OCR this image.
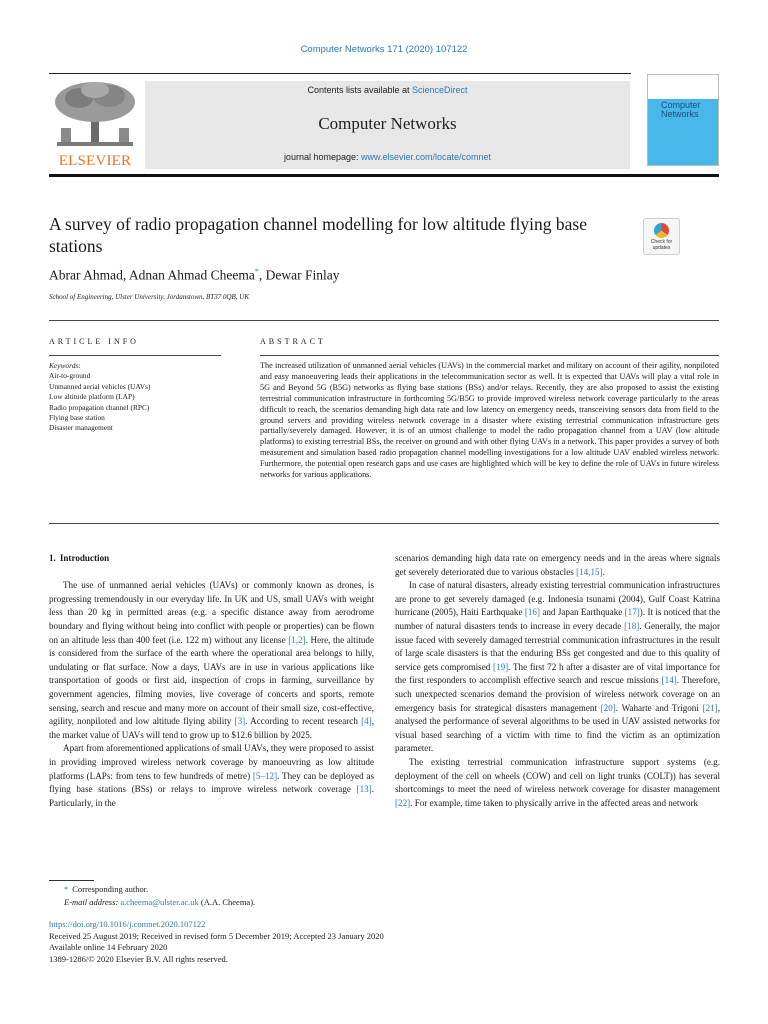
Computer Networks 171 (2020) 107122
ELSEVIER
Contents lists available at ScienceDirect
Computer Networks
journal homepage: www.elsevier.com/locate/comnet
Computer
Networks
A survey of radio propagation channel modelling for low altitude flying base stations	Check for updates
Abrar Ahmad, Adnan Ahmad Cheema*, Dewar Finlay
School of Engineering, Ulster University, Jordanstown, BT37 0QB, UK
ARTICLE INFO	ABSTRACT
Keywords:
Air-to-ground
Unmanned aerial vehicles (UAVs)
Low altitude platform (LAP)
Radio propagation channel (RPC)
Flying base station
Disaster management

The increased utilization of unmanned aerial vehicles (UAVs) in the commercial market and military on account of their agility, nonpiloted and easy manoeuvering leads their applications in the telecommunication sector as well. It is expected that UAVs will play a vital role in 5G and Beyond 5G (B5G) networks as flying base stations (BSs) and/or relays. Recently, they are also proposed to assist the existing terrestrial communication infrastructure in forthcoming 5G/B5G to provide improved wireless network coverage particularly to the areas difficult to reach, the scenarios demanding high data rate and low latency on emergency needs, transceiving sensors data from field to the ground servers and providing wireless network coverage in a disaster where existing terrestrial communication infrastructure gets partially/severely damaged. However, it is of an utmost challenge to model the radio propagation channel from a UAV (low altitude platforms) to existing terrestrial BSs, the receiver on ground and with other flying UAVs in a network. This paper provides a survey of both measurement and simulation based radio propagation channel modelling investigations for a low altitude UAV enabled wireless network. Furthermore, the potential open research gaps and use cases are highlighted which will be key to define the role of UAVs in future wireless networks for various applications.

1. Introduction

The use of unmanned aerial vehicles (UAVs) or commonly known as drones, is progressing tremendously in our everyday life. In UK and US, small UAVs with weight less than 20 kg in permitted areas (e.g. a specific distance away from aerodrome boundary and flying without being into conflict with people or properties) can be flown on an altitude less than 400 feet (i.e. 122 m) without any license [1,2]. Here, the altitude is considered from the surface of the earth where the operational area belongs to hilly, undulating or flat surface. Now a days, UAVs are in use in various applications like transportation of goods or first aid, inspection of crops in farming, surveillance by government agencies, filming movies, live coverage of concerts and sports, remote sensing, search and rescue and many more on account of their small size, cost-effective, agility, nonpiloted and low altitude flying ability [3]. According to recent research [4], the market value of UAVs will tend to grow up to $12.6 billion by 2025.

Apart from aforementioned applications of small UAVs, they were proposed to assist in providing improved wireless network coverage by manoeuvring as low altitude platforms (LAPs: from tens to few hundreds of metre) [5–12]. They can be deployed as flying base stations (BSs) or relays to improve wireless network coverage [13]. Particularly, in the

scenarios demanding high data rate on emergency needs and in the areas where signals get severely deteriorated due to various obstacles [14,15].

In case of natural disasters, already existing terrestrial communication infrastructures are prone to get severely damaged (e.g. Indonesia tsunami (2004), Gulf Coast Katrina hurricane (2005), Haiti Earthquake [16] and Japan Earthquake [17]). It is noticed that the number of natural disasters tends to increase in every decade [18]. Generally, the major issue faced with severely damaged terrestrial communication infrastructures in the result of large scale disasters is that the enduring BSs get congested and due to this quality of service gets compromised [19]. The first 72 h after a disaster are of vital importance for the first responders to accomplish effective search and rescue missions [14]. Therefore, such unexpected scenarios demand the provision of wireless network coverage on an emergency basis for strategical disasters management [20]. Waharte and Trigoni [21], analysed the performance of several algorithms to be used in UAV assisted networks for visual based searching of a victim with time to find the victim as an optimization parameter.

The existing terrestrial communication infrastructure support systems (e.g. deployment of the cell on wheels (COW) and cell on light trunks (COLT)) has several shortcomings to meet the need of wireless network coverage for disaster management [22]. For example, time taken to physically arrive in the affected areas and network

* Corresponding author.
E-mail address: a.cheema@ulster.ac.uk (A.A. Cheema).
https://doi.org/10.1016/j.comnet.2020.107122
Received 25 August 2019; Received in revised form 5 December 2019; Accepted 23 January 2020
Available online 14 February 2020
1389-1286/© 2020 Elsevier B.V. All rights reserved.
